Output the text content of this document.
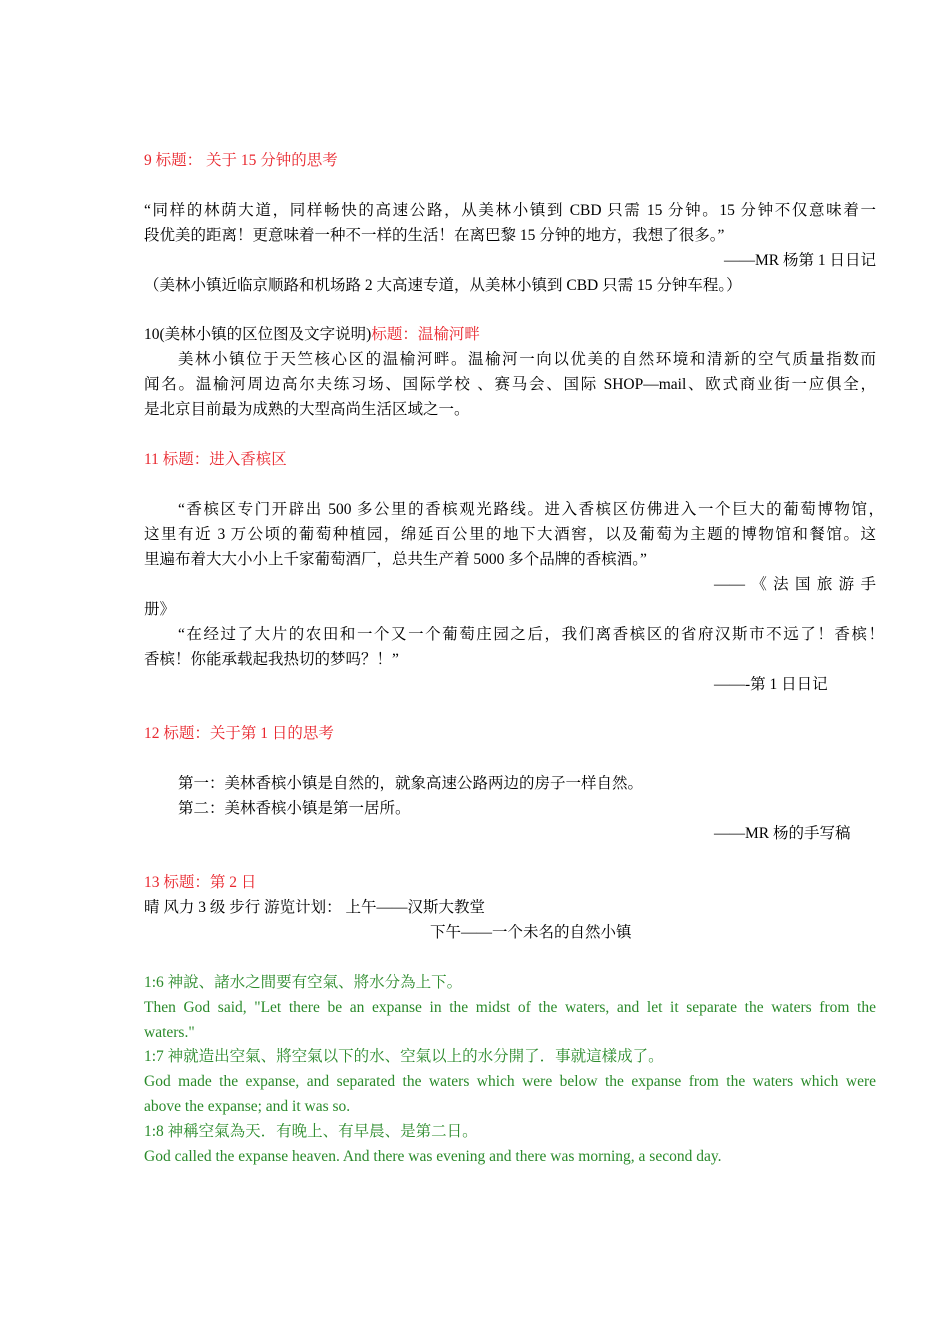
9 标题： 关于 15 分钟的思考
“同样的林荫大道，同样畅快的高速公路，从美林小镇到 CBD 只需 15 分钟。15 分钟不仅意味着一
段优美的距离！更意味着一种不一样的生活！在离巴黎 15 分钟的地方，我想了很多。”
——MR 杨第 1 日日记
（美林小镇近临京顺路和机场路 2 大高速专道，从美林小镇到 CBD 只需 15 分钟车程。）
10(美林小镇的区位图及文字说明)标题：温榆河畔
美林小镇位于天竺核心区的温榆河畔。温榆河一向以优美的自然环境和清新的空气质量指数而
闻名。温榆河周边高尔夫练习场、国际学校 、赛马会、国际 SHOP—mail、欧式商业街一应俱全，
是北京目前最为成熟的大型高尚生活区域之一。
11 标题：进入香槟区
“香槟区专门开辟出 500 多公里的香槟观光路线。进入香槟区仿佛进入一个巨大的葡萄博物馆，
这里有近 3 万公顷的葡萄种植园，绵延百公里的地下大酒窖，以及葡萄为主题的博物馆和餐馆。这
里遍布着大大小小上千家葡萄酒厂，总共生产着 5000 多个品牌的香槟酒。”
——《法国旅游手
册》
“在经过了大片的农田和一个又一个葡萄庄园之后，我们离香槟区的省府汉斯市不远了！香槟！
香槟！你能承载起我热切的梦吗？！”
——-第 1 日日记
12 标题：关于第 1 日的思考
第一：美林香槟小镇是自然的，就象高速公路两边的房子一样自然。
第二：美林香槟小镇是第一居所。
——MR 杨的手写稿
13 标题：第 2 日
晴 风力 3 级 步行 游览计划： 上午——汉斯大教堂
下午——一个未名的自然小镇
1:6 神說、諸水之間要有空氣、將水分為上下。
Then God said, "Let there be an expanse in the midst of the waters, and let it separate the waters from the
waters."
1:7 神就造出空氣、將空氣以下的水、空氣以上的水分開了．事就這樣成了。
God made the expanse, and separated the waters which were below the expanse from the waters which were
above the expanse; and it was so.
1:8 神稱空氣為天．有晚上、有早晨、是第二日。
God called the expanse heaven. And there was evening and there was morning, a second day.
